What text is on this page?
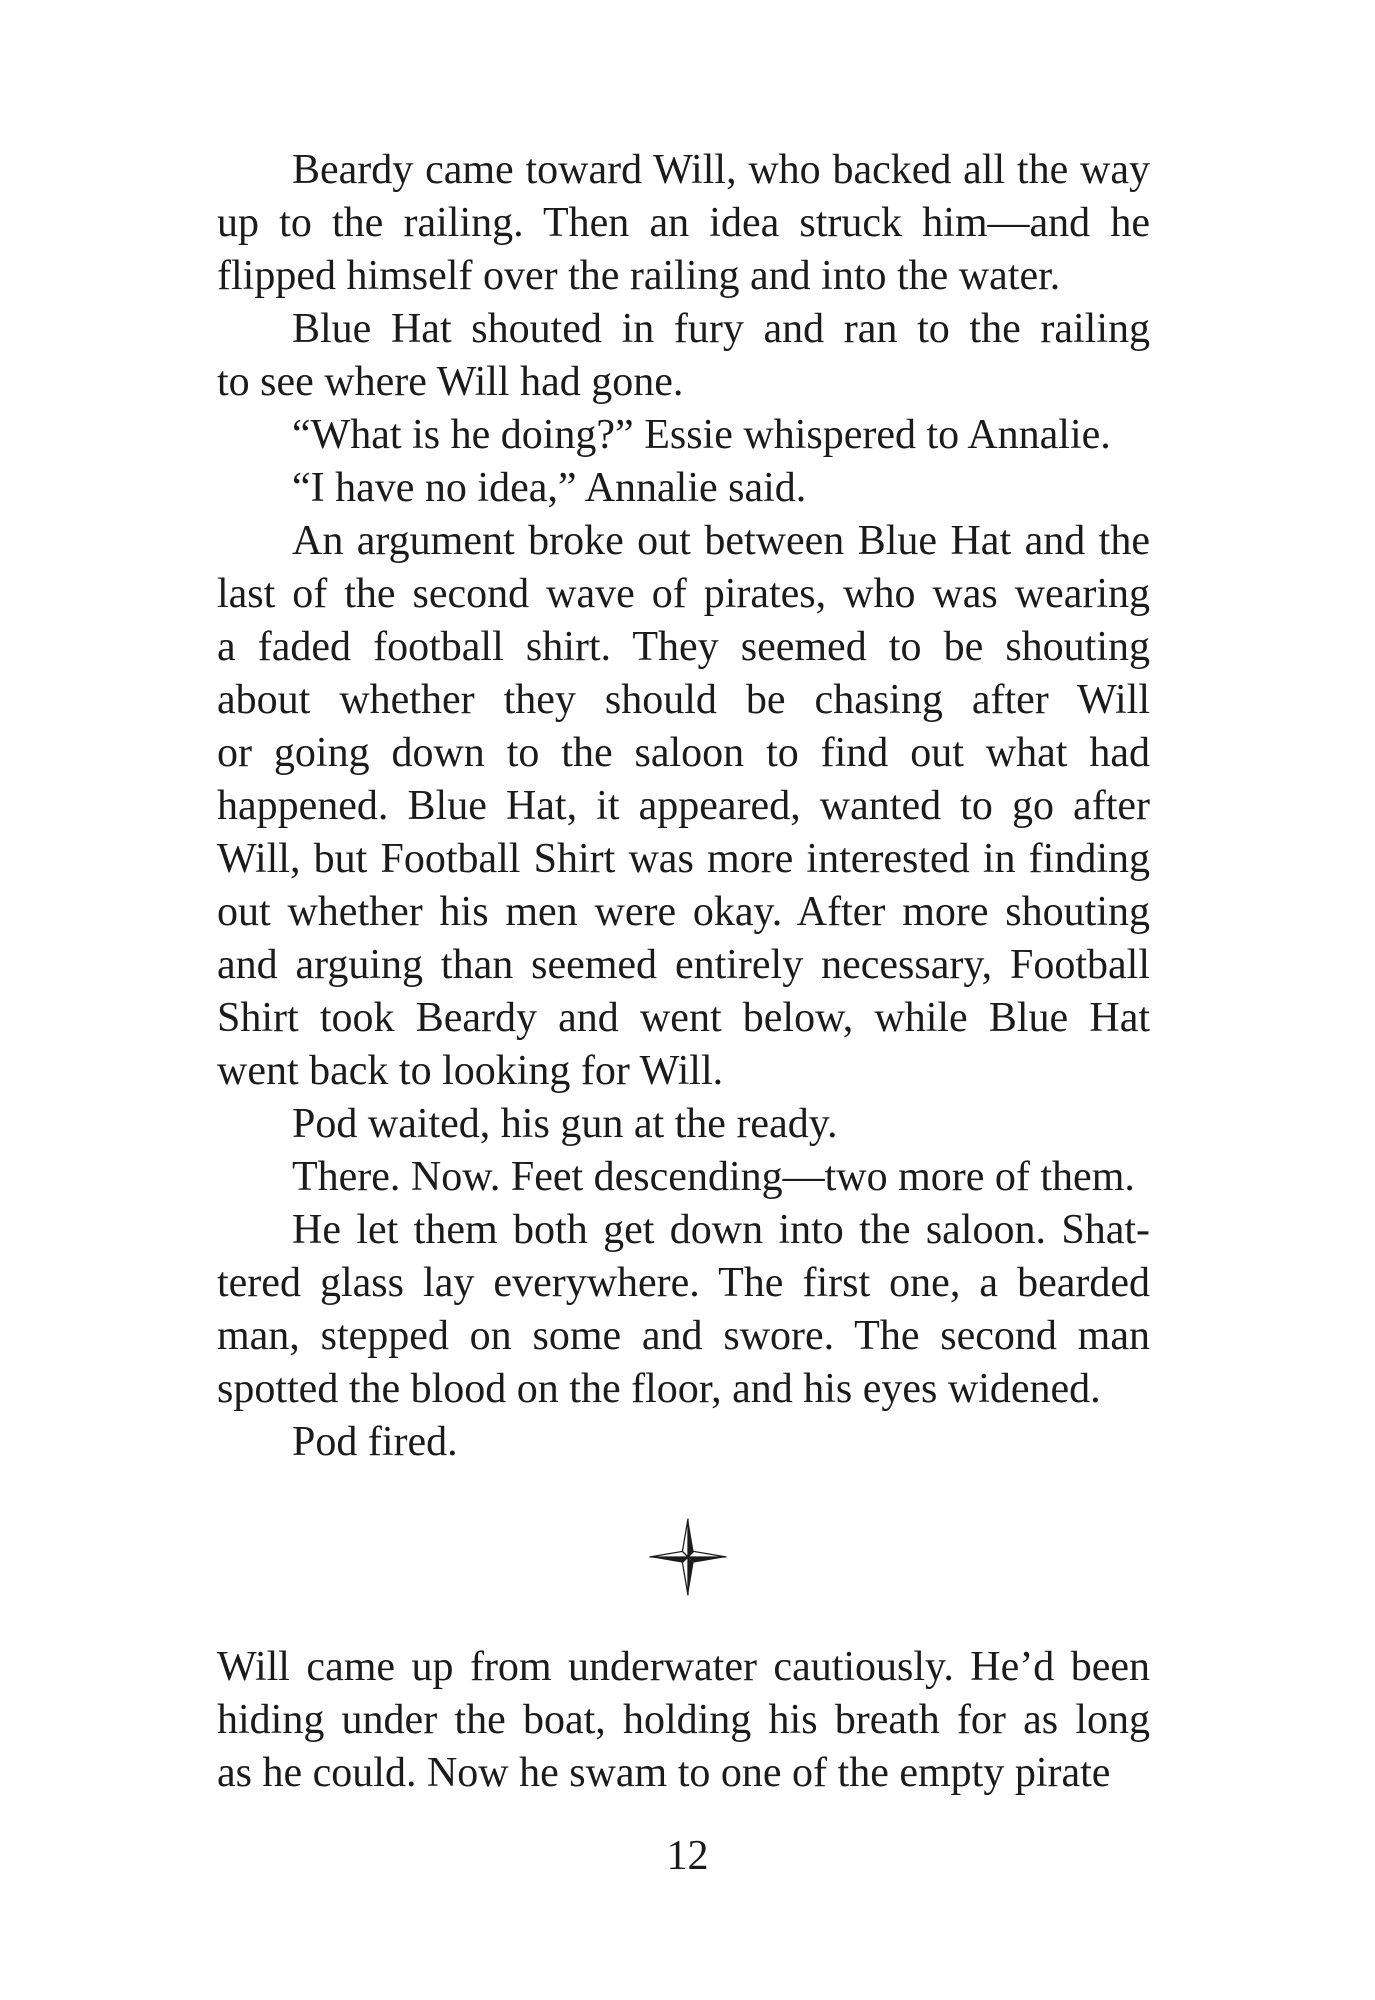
Beardy came toward Will, who backed all the way
up to the railing. Then an idea struck him—and he
flipped himself over the railing and into the water.
Blue Hat shouted in fury and ran to the railing
to see where Will had gone.
“What is he doing?” Essie whispered to Annalie.
“I have no idea,” Annalie said.
An argument broke out between Blue Hat and the
last of the second wave of pirates, who was wearing
a faded football shirt. They seemed to be shouting
about whether they should be chasing after Will
or going down to the saloon to find out what had
happened. Blue Hat, it appeared, wanted to go after
Will, but Football Shirt was more interested in finding
out whether his men were okay. After more shouting
and arguing than seemed entirely necessary, Football
Shirt took Beardy and went below, while Blue Hat
went back to looking for Will.
Pod waited, his gun at the ready.
There. Now. Feet descending—two more of them.
He let them both get down into the saloon. Shat-
tered glass lay everywhere. The first one, a bearded
man, stepped on some and swore. The second man
spotted the blood on the floor, and his eyes widened.
Pod fired.
Will came up from underwater cautiously. He’d been
hiding under the boat, holding his breath for as long
as he could. Now he swam to one of the empty pirate
12
